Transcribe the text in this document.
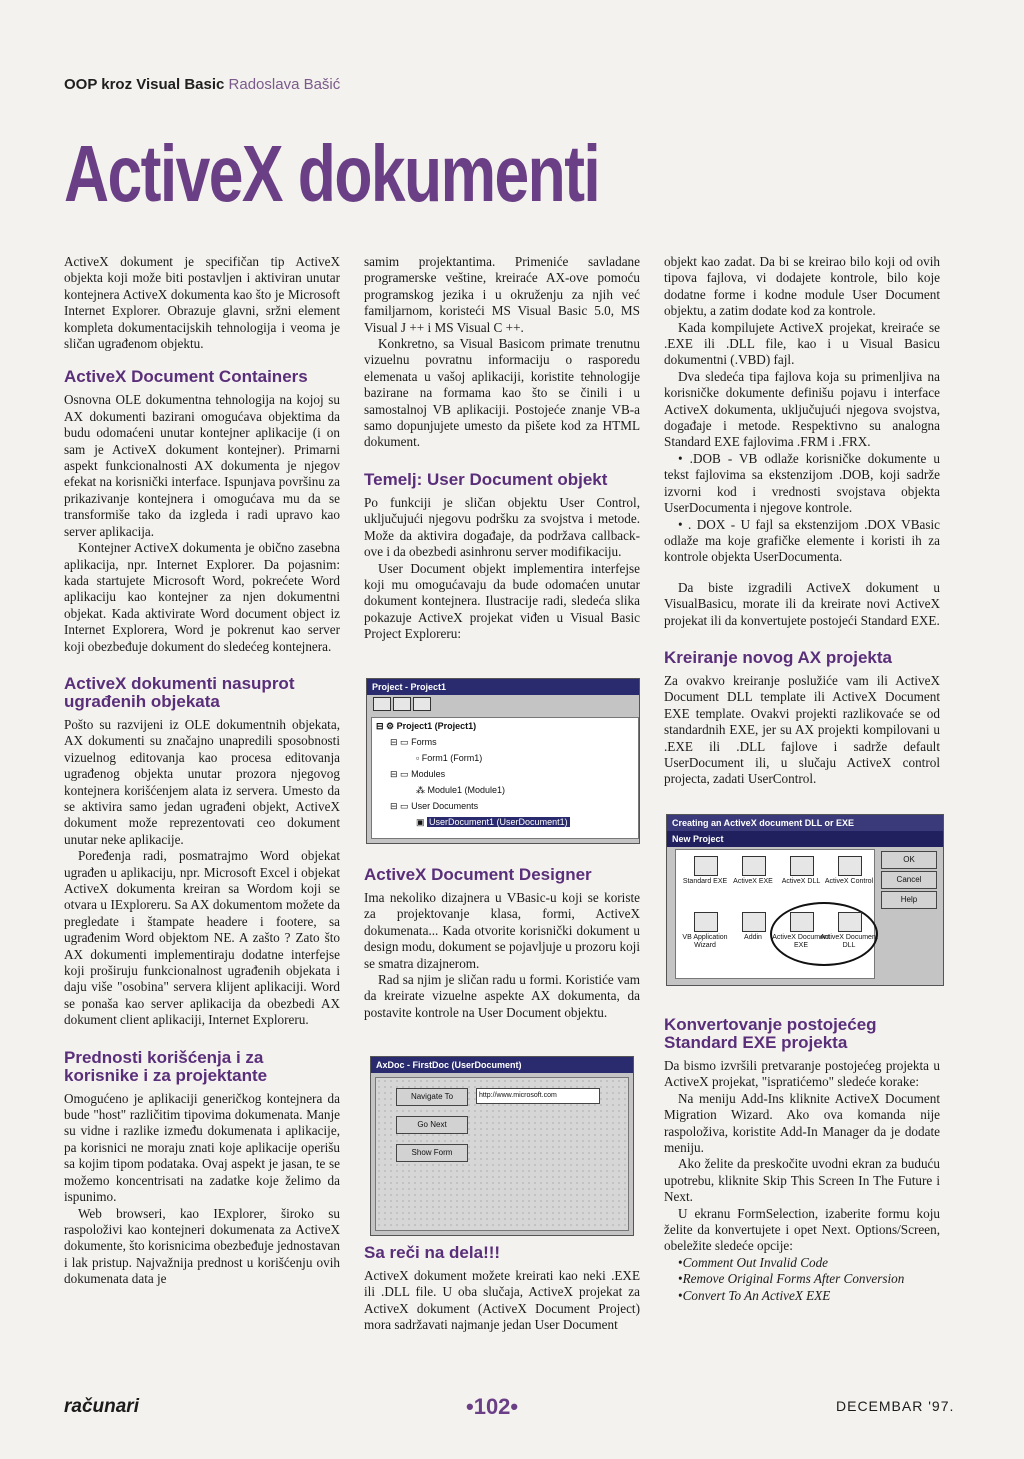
OOP kroz Visual Basic Radoslava Bašić
ActiveX dokumenti

ActiveX dokument je specifičan tip ActiveX objekta koji može biti postavljen i aktiviran unutar kontejnera ActiveX dokumenta kao što je Microsoft Internet Explorer. Obrazuje glavni, sržni element kompleta dokumentacijskih tehnologija i veoma je sličan ugrađenom objektu.

ActiveX Document Containers

Osnovna OLE dokumentna tehnologija na kojoj su AX dokumenti bazirani omogućava objektima da budu odomaćeni unutar kontejner aplikacije (i on sam je ActiveX dokument kontejner). Primarni aspekt funkcionalnosti AX dokumenta je njegov efekat na korisnički interface. Ispunjava površinu za prikazivanje kontejnera i omogućava mu da se transformiše tako da izgleda i radi upravo kao server aplikacija.

Kontejner ActiveX dokumenta je obično zasebna aplikacija, npr. Internet Explorer. Da pojasnim: kada startujete Microsoft Word, pokrećete Word aplikaciju kao kontejner za njen dokumentni objekat. Kada aktivirate Word document object iz Internet Explorera, Word je pokrenut kao server koji obezbeđuje dokument do sledećeg kontejnera.

ActiveX dokumenti nasuprot ugrađenih objekata

Pošto su razvijeni iz OLE dokumentnih objekata, AX dokumenti su značajno unapredili sposobnosti vizuelnog editovanja kao procesa editovanja ugrađenog objekta unutar prozora njegovog kontejnera korišćenjem alata iz servera. Umesto da se aktivira samo jedan ugrađeni objekt, ActiveX dokument može reprezentovati ceo dokument unutar neke aplikacije.

Poređenja radi, posmatrajmo Word objekat ugrađen u aplikaciju, npr. Microsoft Excel i objekat ActiveX dokumenta kreiran sa Wordom koji se otvara u IExploreru. Sa AX dokumentom možete da pregledate i štampate headere i footere, sa ugrađenim Word objektom NE. A zašto ? Zato što AX dokumenti implementiraju dodatne interfejse koji proširuju funkcionalnost ugrađenih objekata i daju više "osobina" servera klijent aplikaciji. Word se ponaša kao server aplikacija da obezbedi AX dokument client aplikaciji, Internet Exploreru.

Prednosti korišćenja i za korisnike i za projektante

Omogućeno je aplikaciji generičkog kontejnera da bude "host" različitim tipovima dokumenata. Manje su vidne i razlike između dokumenata i aplikacije, pa korisnici ne moraju znati koje aplikacije operišu sa kojim tipom podataka. Ovaj aspekt je jasan, te se možemo koncentrisati na zadatke koje želimo da ispunimo.

Web browseri, kao IExplorer, široko su raspoloživi kao kontejneri dokumenata za ActiveX dokumente, što korisnicima obezbeđuje jednostavan i lak pristup. Najvažnija prednost u korišćenju ovih dokumenata data je

samim projektantima. Primeniće savladane programerske veštine, kreiraće AX-ove pomoću programskog jezika i u okruženju za njih već familjarnom, koristeći MS Visual Basic 5.0, MS Visual J ++ i MS Visual C ++.

Konkretno, sa Visual Basicom primate trenutnu vizuelnu povratnu informaciju o rasporedu elemenata u vašoj aplikaciji, koristite tehnologije bazirane na formama kao što se činili i u samostalnoj VB aplikaciji. Postojeće znanje VB-a samo dopunjujete umesto da pišete kod za HTML dokument.

Temelj: User Document objekt

Po funkciji je sličan objektu User Control, uključujući njegovu podršku za svojstva i metode. Može da aktivira događaje, da podržava callback-ove i da obezbedi asinhronu server modifikaciju.

User Document objekt implementira interfejse koji mu omogućavaju da bude odomaćen unutar dokument kontejnera. Ilustracije radi, sledeća slika pokazuje ActiveX projekat viđen u Visual Basic Project Exploreru:

Project - Project1
⊟ ⚙ Project1 (Project1)
⊟ ▭ Forms
▫ Form1 (Form1)
⊟ ▭ Modules
⁂ Module1 (Module1)
⊟ ▭ User Documents
▣ UserDocument1 (UserDocument1)
ActiveX Document Designer

Ima nekoliko dizajnera u VBasic-u koji se koriste za projektovanje klasa, formi, ActiveX dokumenata... Kada otvorite korisnički dokument u design modu, dokument se pojavljuje u prozoru koji se smatra dizajnerom.

Rad sa njim je sličan radu u formi. Koristiće vam da kreirate vizuelne aspekte AX dokumenta, da postavite kontrole na User Document objektu.

AxDoc - FirstDoc (UserDocument)
Navigate To
Go Next
Show Form
http://www.microsoft.com
Sa reči na dela!!!

ActiveX dokument možete kreirati kao neki .EXE ili .DLL file. U oba slučaja, ActiveX projekat za ActiveX dokument (ActiveX Document Project) mora sadržavati najmanje jedan User Document

objekt kao zadat. Da bi se kreirao bilo koji od ovih tipova fajlova, vi dodajete kontrole, bilo koje dodatne forme i kodne module User Document objektu, a zatim dodate kod za kontrole.

Kada kompilujete ActiveX projekat, kreiraće se .EXE ili .DLL file, kao i u Visual Basicu dokumentni (.VBD) fajl.

Dva sledeća tipa fajlova koja su primenljiva na korisničke dokumente definišu pojavu i interface ActiveX dokumenta, uključujući njegova svojstva, događaje i metode. Respektivno su analogna Standard EXE fajlovima .FRM i .FRX.

• .DOB - VB odlaže korisničke dokumente u tekst fajlovima sa ekstenzijom .DOB, koji sadrže izvorni kod i vrednosti svojstava objekta UserDocumenta i njegove kontrole.

• . DOX - U fajl sa ekstenzijom .DOX VBasic odlaže ma koje grafičke elemente i koristi ih za kontrole objekta UserDocumenta.

Da biste izgradili ActiveX dokument u VisualBasicu, morate ili da kreirate novi ActiveX projekat ili da konvertujete postojeći Standard EXE.

Kreiranje novog AX projekta

Za ovakvo kreiranje poslužiće vam ili ActiveX Document DLL template ili ActiveX Document EXE template. Ovakvi projekti razlikovaće se od standardnih EXE, jer su AX projekti kompilovani u .EXE ili .DLL fajlove i sadrže default UserDocument ili, u slučaju ActiveX control projecta, zadati UserControl.

Creating an ActiveX document DLL or EXE
New Project
Standard EXE ActiveX EXE	ActiveX DLL ActiveX Control
VB Application Wizard
Addin	ActiveX Document EXE
ActiveX Document DLL
OK
Cancel
Help
Konvertovanje postojećeg Standard EXE projekta

Da bismo izvršili pretvaranje postojećeg projekta u ActiveX projekat, "ispratićemo" sledeće korake:

Na meniju Add-Ins kliknite ActiveX Document Migration Wizard. Ako ova komanda nije raspoloživa, koristite Add-In Manager da je dodate meniju.

Ako želite da preskočite uvodni ekran za buduću upotrebu, kliknite Skip This Screen In The Future i Next.

U ekranu FormSelection, izaberite formu koju želite da konvertujete i opet Next. Options/Screen, obeležite sledeće opcije:

• Comment Out Invalid Code
• Remove Original Forms After Conversion
• Convert To An ActiveX EXE
računari	•102•	DECEMBAR '97.
